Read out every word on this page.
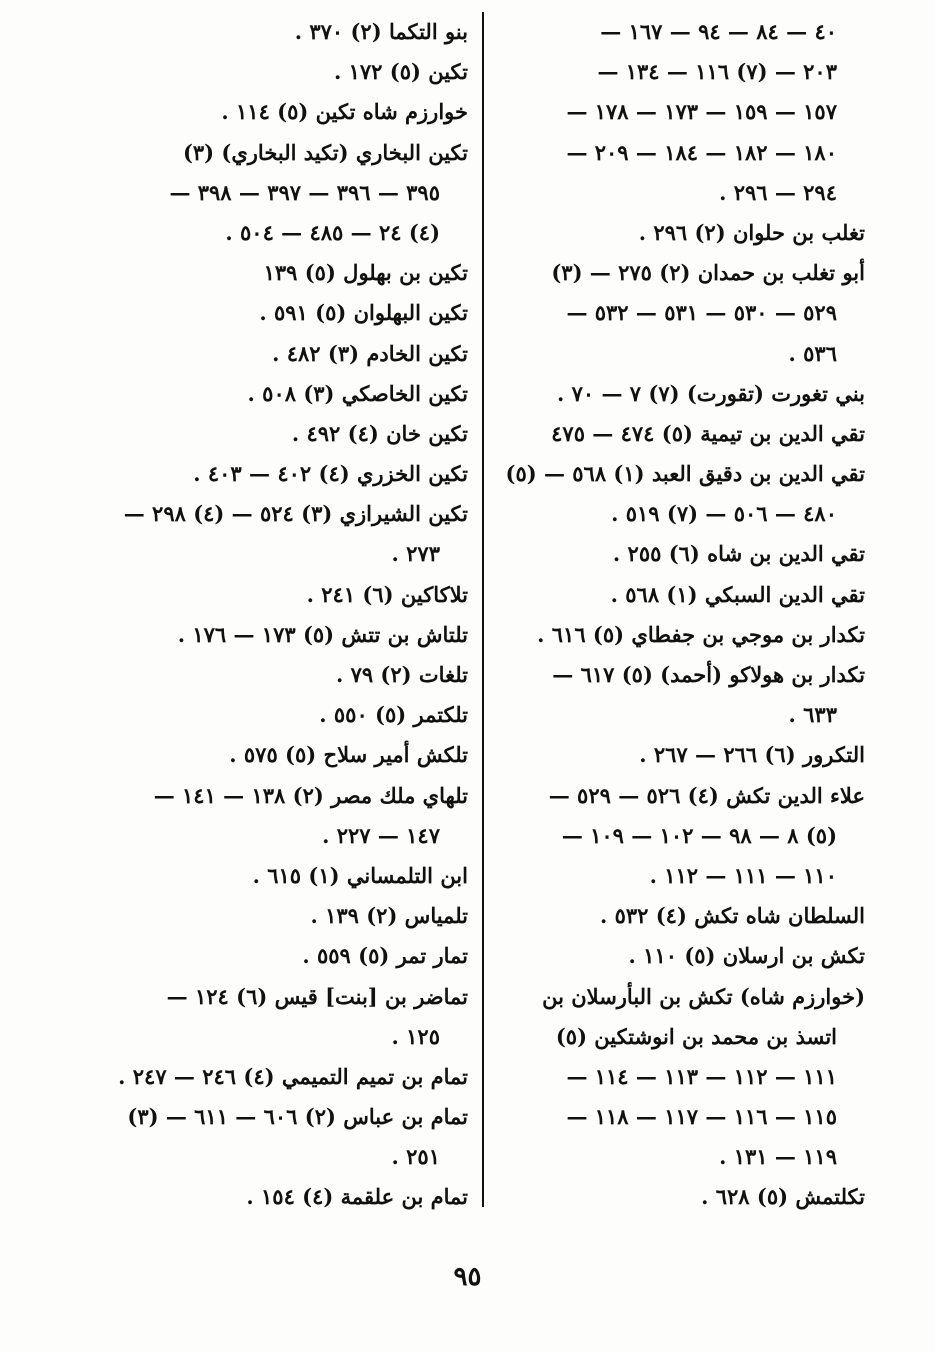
٤٠ — ٨٤ — ٩٤ — ١٦٧ —
٢٠٣ — (٧) ١١٦ — ١٣٤ —
١٥٧ — ١٥٩ — ١٧٣ — ١٧٨ —
١٨٠ — ١٨٢ — ١٨٤ — ٢٠٩ —
٢٩٤ — ٢٩٦ .
تغلب بن حلوان (٢) ٢٩٦ .
أبو تغلب بن حمدان (٢) ٢٧٥ — (٣)
٥٢٩ — ٥٣٠ — ٥٣١ — ٥٣٢ —
٥٣٦ .
بني تغورت (تقورت) (٧) ٧ — ٧٠ .
تقي الدين بن تيمية (٥) ٤٧٤ — ٤٧٥
تقي الدين بن دقيق العبد (١) ٥٦٨ — (٥)
٤٨٠ — ٥٠٦ — (٧) ٥١٩ .
تقي الدين بن شاه (٦) ٢٥٥ .
تقي الدين السبكي (١) ٥٦٨ .
تكدار بن موجي بن جفطاي (٥) ٦١٦ .
تكدار بن هولاكو (أحمد) (٥) ٦١٧ —
٦٣٣ .
التكرور (٦) ٢٦٦ — ٢٦٧ .
علاء الدين تكش (٤) ٥٢٦ — ٥٢٩ —
(٥) ٨ — ٩٨ — ١٠٢ — ١٠٩ —
١١٠ — ١١١ — ١١٢ .
السلطان شاه تكش (٤) ٥٣٢ .
تكش بن ارسلان (٥) ١١٠ .
(خوارزم شاه) تكش بن البأرسلان بن
اتسذ بن محمد بن انوشتكين (٥)
١١١ — ١١٢ — ١١٣ — ١١٤ —
١١٥ — ١١٦ — ١١٧ — ١١٨ —
١١٩ — ١٣١ .
تكلتمش (٥) ٦٢٨ .
بنو التكما (٢) ٣٧٠ .
تكين (٥) ١٧٢ .
خوارزم شاه تكين (٥) ١١٤ .
تكين البخاري (تكيد البخاري) (٣)
٣٩٥ — ٣٩٦ — ٣٩٧ — ٣٩٨ —
(٤) ٢٤ — ٤٨٥ — ٥٠٤ .
تكين بن بهلول (٥) ١٣٩
تكين البهلوان (٥) ٥٩١ .
تكين الخادم (٣) ٤٨٢ .
تكين الخاصكي (٣) ٥٠٨ .
تكين خان (٤) ٤٩٢ .
تكين الخزري (٤) ٤٠٢ — ٤٠٣ .
تكين الشيرازي (٣) ٥٢٤ — (٤) ٢٩٨ —
٢٧٣ .
تلاكاكين (٦) ٢٤١ .
تلتاش بن تتش (٥) ١٧٣ — ١٧٦ .
تلغات (٢) ٧٩ .
تلكتمر (٥) ٥٥٠ .
تلكش أمير سلاح (٥) ٥٧٥ .
تلهاي ملك مصر (٢) ١٣٨ — ١٤١ —
١٤٧ — ٢٢٧ .
ابن التلمساني (١) ٦١٥ .
تلمياس (٢) ١٣٩ .
تمار تمر (٥) ٥٥٩ .
تماضر بن [بنت] قيس (٦) ١٢٤ —
١٢٥ .
تمام بن تميم التميمي (٤) ٢٤٦ — ٢٤٧ .
تمام بن عباس (٢) ٦٠٦ — ٦١١ — (٣)
٢٥١ .
تمام بن علقمة (٤) ١٥٤ .
٩٥
